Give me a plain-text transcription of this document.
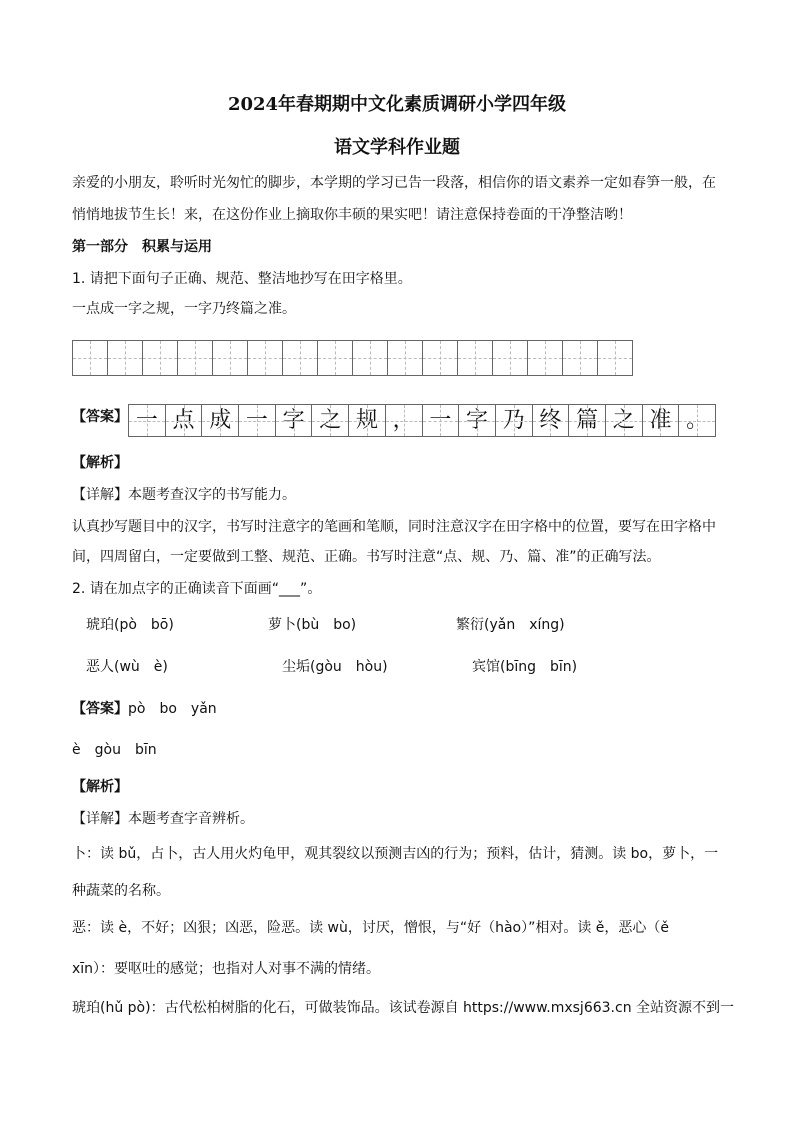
2024年春期期中文化素质调研小学四年级
语文学科作业题
亲爱的小朋友，聆听时光匆忙的脚步，本学期的学习已告一段落，相信你的语文素养一定如春笋一般，在
悄悄地拔节生长！来，在这份作业上摘取你丰硕的果实吧！请注意保持卷面的干净整洁哟！
第一部分　积累与运用
1. 请把下面句子正确、规范、整洁地抄写在田字格里。
一点成一字之规，一字乃终篇之准。
【答案】 一 点 成 一 字 之 规 ， 一 字 乃 终 篇 之 准 。
【解析】
【详解】本题考查汉字的书写能力。
认真抄写题目中的汉字，书写时注意字的笔画和笔顺，同时注意汉字在田字格中的位置，要写在田字格中
间，四周留白，一定要做到工整、规范、正确。书写时注意“点、规、乃、篇、准”的正确写法。
2. 请在加点字的正确读音下面画“___”。
琥珀(pò　bō)	萝卜(bù　bo)	繁衍(yǎn　xíng)
恶人(wù　è)	尘垢(gòu　hòu)	宾馆(bīng　bīn)
【答案】 pò　bo　yǎn
è　gòu　bīn
【解析】
【详解】本题考查字音辨析。
卜：读 bǔ，占卜，古人用火灼龟甲，观其裂纹以预测吉凶的行为；预料，估计，猜测。读 bo，萝卜，一
种蔬菜的名称。
恶：读 è，不好；凶狠；凶恶，险恶。读 wù，讨厌，憎恨，与“好（hào）”相对。读 ě，恶心（ě
xīn）：要呕吐的感觉；也指对人对事不满的情绪。
琥珀(hǔ pò)：古代松柏树脂的化石，可做装饰品。该试卷源自 https://www.mxsj663.cn 全站资源不到一
